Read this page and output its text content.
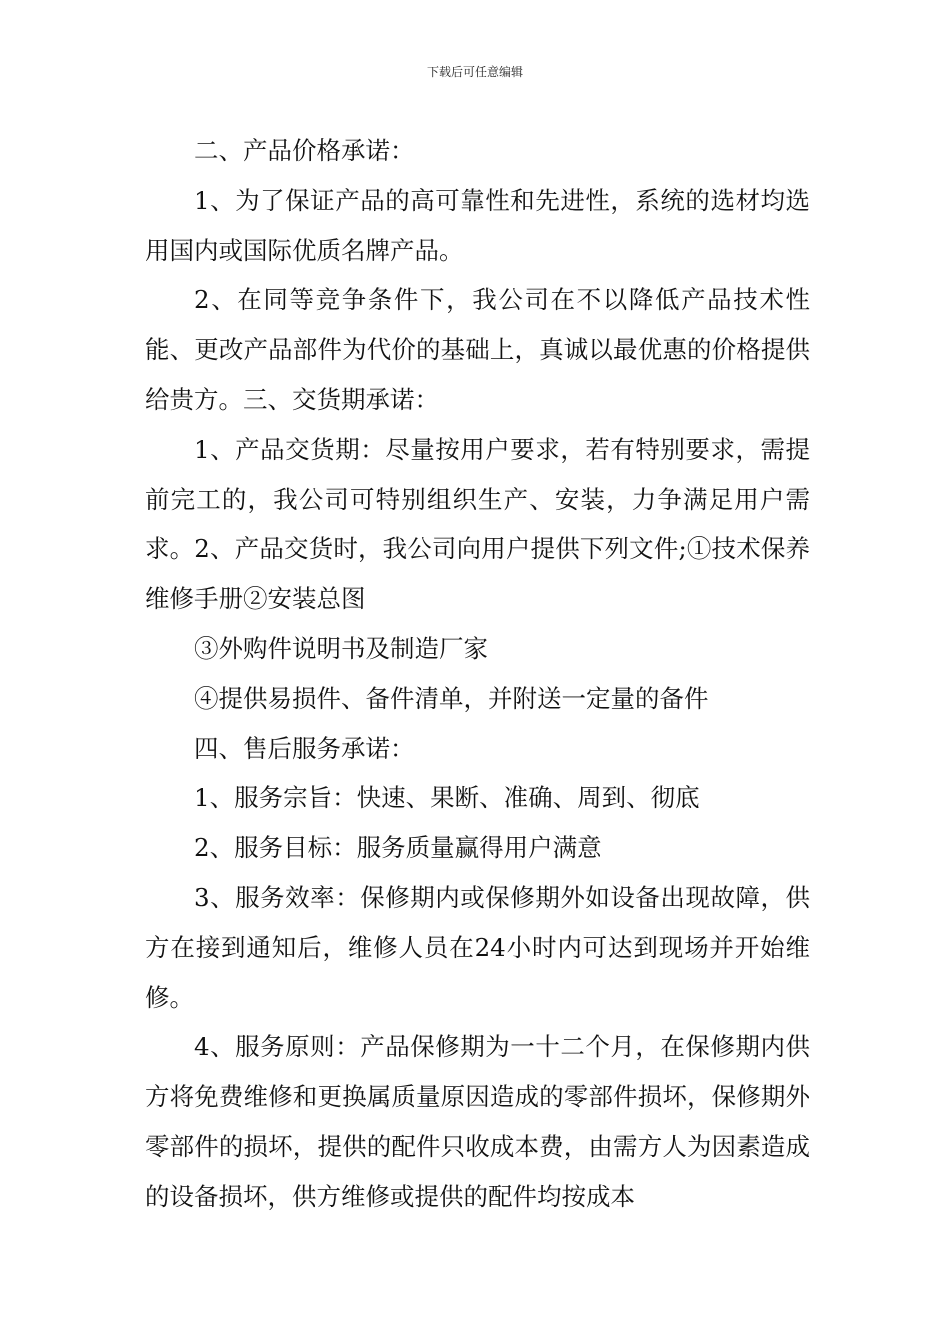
下载后可任意编辑

二、产品价格承诺：

1、为了保证产品的高可靠性和先进性，系统的选材均选用国内或国际优质名牌产品。

2、在同等竞争条件下，我公司在不以降低产品技术性能、更改产品部件为代价的基础上，真诚以最优惠的价格提供给贵方。三、交货期承诺：

1、产品交货期：尽量按用户要求，若有特别要求，需提前完工的，我公司可特别组织生产、安装，力争满足用户需求。2、产品交货时，我公司向用户提供下列文件;①技术保养维修手册②安装总图

③外购件说明书及制造厂家

④提供易损件、备件清单，并附送一定量的备件

四、售后服务承诺：

1、服务宗旨：快速、果断、准确、周到、彻底

2、服务目标：服务质量赢得用户满意

3、服务效率：保修期内或保修期外如设备出现故障，供方在接到通知后，维修人员在24小时内可达到现场并开始维修。

4、服务原则：产品保修期为一十二个月，在保修期内供方将免费维修和更换属质量原因造成的零部件损坏，保修期外零部件的损坏，提供的配件只收成本费，由需方人为因素造成的设备损坏，供方维修或提供的配件均按成本
